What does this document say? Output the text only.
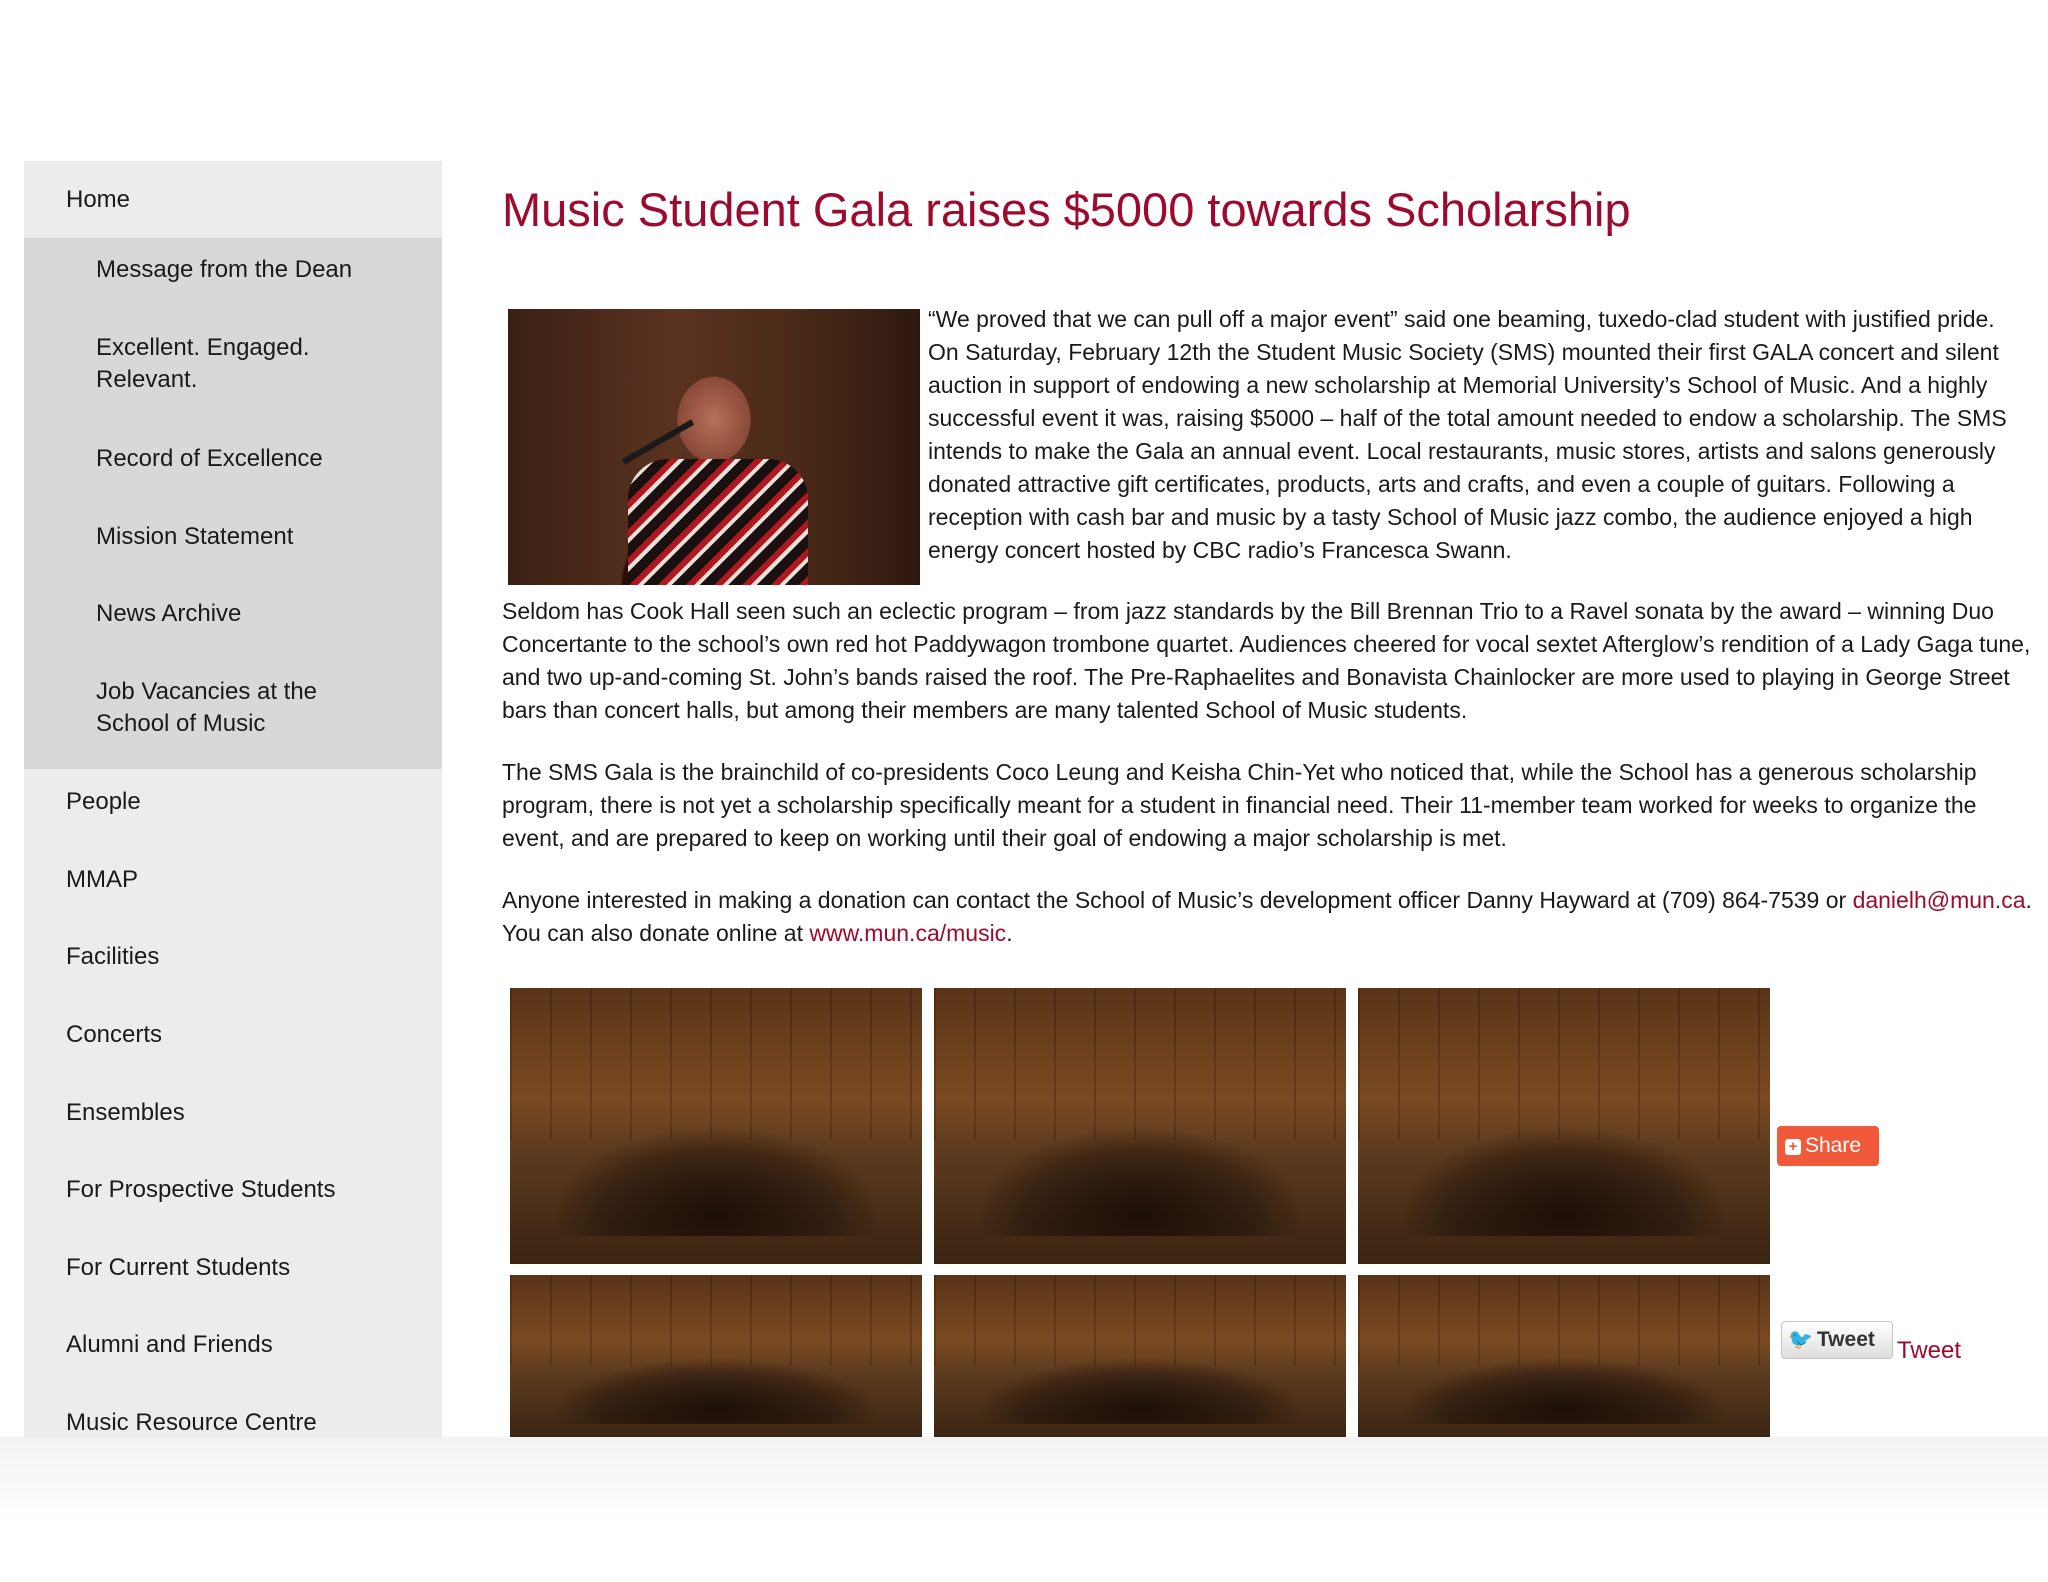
Home
Message from the Dean
Excellent. Engaged. Relevant.
Record of Excellence
Mission Statement
News Archive
Job Vacancies at the School of Music
People
MMAP
Facilities
Concerts
Ensembles
For Prospective Students
For Current Students
Alumni and Friends
Music Resource Centre
Music Student Gala raises $5000 towards Scholarship

“We proved that we can pull off a major event” said one beaming, tuxedo-clad student with justified pride. On Saturday, February 12th the Student Music Society (SMS) mounted their first GALA concert and silent auction in support of endowing a new scholarship at Memorial University’s School of Music. And a highly successful event it was, raising $5000 – half of the total amount needed to endow a scholarship. The SMS intends to make the Gala an annual event. Local restaurants, music stores, artists and salons generously donated attractive gift certificates, products, arts and crafts, and even a couple of guitars. Following a reception with cash bar and music by a tasty School of Music jazz combo, the audience enjoyed a high energy concert hosted by CBC radio’s Francesca Swann.

Seldom has Cook Hall seen such an eclectic program – from jazz standards by the Bill Brennan Trio to a Ravel sonata by the award – winning Duo Concertante to the school’s own red hot Paddywagon trombone quartet. Audiences cheered for vocal sextet Afterglow’s rendition of a Lady Gaga tune, and two up-and-coming St. John’s bands raised the roof. The Pre-Raphaelites and Bonavista Chainlocker are more used to playing in George Street bars than concert halls, but among their members are many talented School of Music students.

The SMS Gala is the brainchild of co-presidents Coco Leung and Keisha Chin-Yet who noticed that, while the School has a generous scholarship program, there is not yet a scholarship specifically meant for a student in financial need. Their 11-member team worked for weeks to organize the event, and are prepared to keep on working until their goal of endowing a major scholarship is met.

Anyone interested in making a donation can contact the School of Music’s development officer Danny Hayward at (709) 864-7539 or danielh@mun.ca. You can also donate online at www.mun.ca/music.

+ Share
🐦 Tweet Tweet
